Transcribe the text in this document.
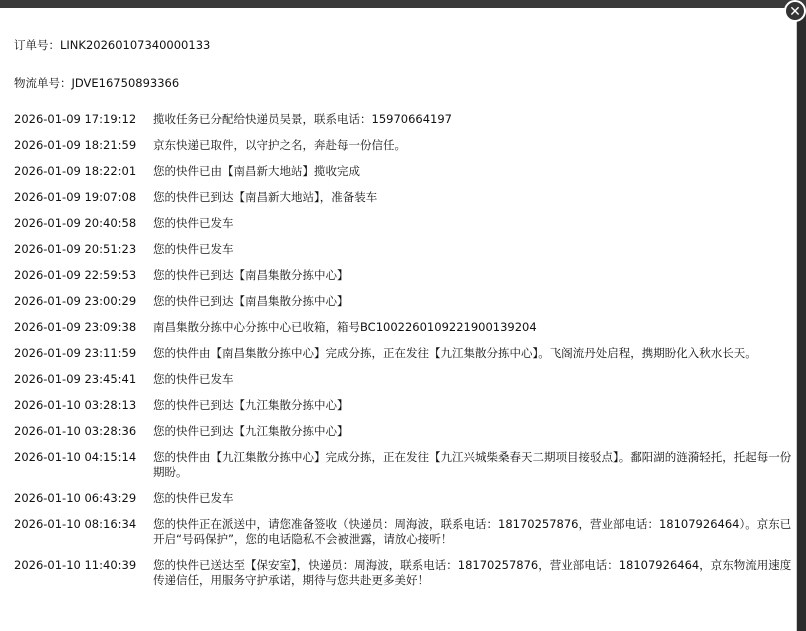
订单号：LINK20260107340000133
物流单号：JDVE16750893366
2026-01-09 17:19:12	揽收任务已分配给快递员吴景，联系电话：15970664197
2026-01-09 18:21:59	京东快递已取件，以守护之名，奔赴每一份信任。
2026-01-09 18:22:01	您的快件已由【南昌新大地站】揽收完成
2026-01-09 19:07:08	您的快件已到达【南昌新大地站】，准备装车
2026-01-09 20:40:58	您的快件已发车
2026-01-09 20:51:23	您的快件已发车
2026-01-09 22:59:53	您的快件已到达【南昌集散分拣中心】
2026-01-09 23:00:29	您的快件已到达【南昌集散分拣中心】
2026-01-09 23:09:38	南昌集散分拣中心分拣中心已收箱，箱号BC1002260109221900139204
2026-01-09 23:11:59	您的快件由【南昌集散分拣中心】完成分拣，正在发往【九江集散分拣中心】。飞阁流丹处启程，携期盼化入秋水长天。
2026-01-09 23:45:41	您的快件已发车
2026-01-10 03:28:13	您的快件已到达【九江集散分拣中心】
2026-01-10 03:28:36	您的快件已到达【九江集散分拣中心】
2026-01-10 04:15:14	您的快件由【九江集散分拣中心】完成分拣，正在发往【九江兴城柴桑春天二期项目接驳点】。鄱阳湖的涟漪轻托，托起每一份期盼。
2026-01-10 06:43:29	您的快件已发车
2026-01-10 08:16:34	您的快件正在派送中，请您准备签收（快递员：周海波，联系电话：18170257876，营业部电话：18107926464）。京东已开启“号码保护”，您的电话隐私不会被泄露，请放心接听！
2026-01-10 11:40:39	您的快件已送达至【保安室】，快递员：周海波，联系电话：18170257876，营业部电话：18107926464，京东物流用速度传递信任，用服务守护承诺，期待与您共赴更多美好！
✕
